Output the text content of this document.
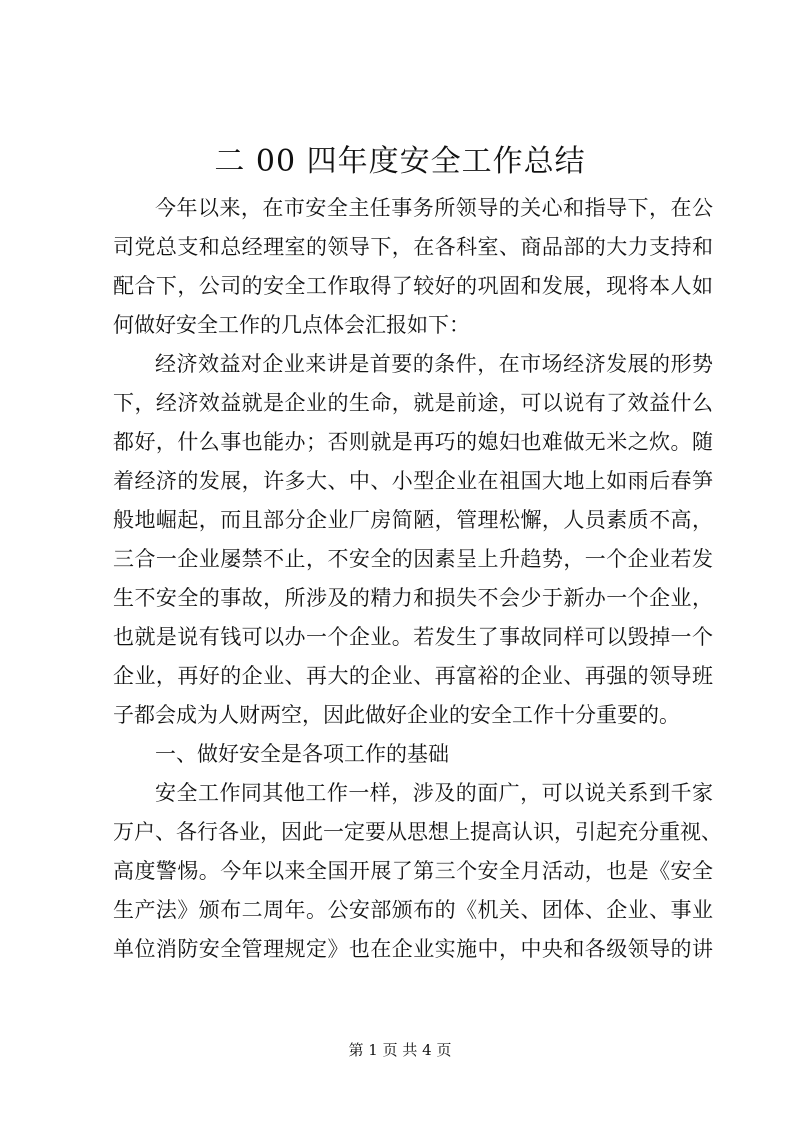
二 00 四年度安全工作总结

今年以来，在市安全主任事务所领导的关心和指导下，在公

司党总支和总经理室的领导下，在各科室、商品部的大力支持和

配合下，公司的安全工作取得了较好的巩固和发展，现将本人如

何做好安全工作的几点体会汇报如下：

经济效益对企业来讲是首要的条件，在市场经济发展的形势

下，经济效益就是企业的生命，就是前途，可以说有了效益什么

都好，什么事也能办；否则就是再巧的媳妇也难做无米之炊。随

着经济的发展，许多大、中、小型企业在祖国大地上如雨后春笋

般地崛起，而且部分企业厂房简陋，管理松懈，人员素质不高，

三合一企业屡禁不止，不安全的因素呈上升趋势，一个企业若发

生不安全的事故，所涉及的精力和损失不会少于新办一个企业，

也就是说有钱可以办一个企业。若发生了事故同样可以毁掉一个

企业，再好的企业、再大的企业、再富裕的企业、再强的领导班

子都会成为人财两空，因此做好企业的安全工作十分重要的。

一、做好安全是各项工作的基础

安全工作同其他工作一样，涉及的面广，可以说关系到千家

万户、各行各业，因此一定要从思想上提高认识，引起充分重视、

高度警惕。今年以来全国开展了第三个安全月活动，也是《安全

生产法》颁布二周年。公安部颁布的《机关、团体、企业、事业

单位消防安全管理规定》也在企业实施中，中央和各级领导的讲

第 1 页 共 4 页
